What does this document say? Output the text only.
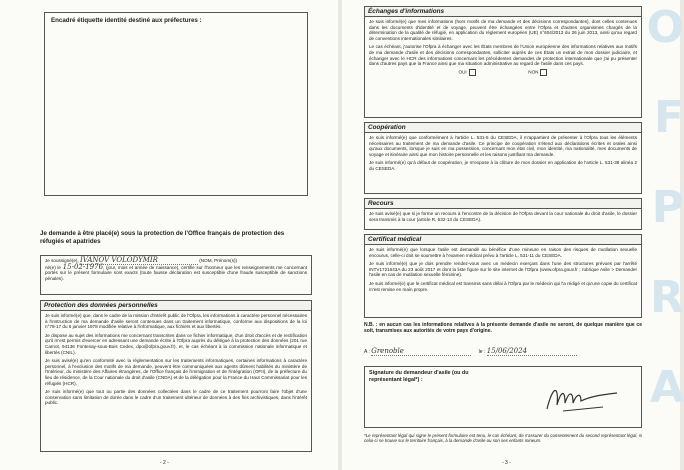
Encadré étiquette identité destiné aux préfectures :
Je demande à être placé(e) sous la protection de l'Office français de protection des réfugiés et apatrides
Je soussigné(e), IVANOV VOLODYMIR	(NOM, Prénom(s))
né(e) le 15-02-1976, (jour, mois et année de naissance), certifie sur l'honneur que les renseignements me concernant portés sur le présent formulaire sont exacts (toute fausse déclaration est susceptible d'une fraude susceptible de sanctions pénales).
Protection des données personnelles

Je suis informé(e) que, dans le cadre de la mission d'intérêt public de l'Ofpra, les informations à caractère personnel nécessaires à l'instruction de ma demande d'asile seront contenues dans un traitement informatique, conforme aux dispositions de la loi n°78-17 du 6 janvier 1978 modifiée relative à l'informatique, aux fichiers et aux libertés.

Je dispose au sujet des informations me concernant transcrites dans ce fichier informatique, d'un droit d'accès et de rectification qu'il m'est permis d'exercer en adressant une demande écrite à l'Ofpra auprès du délégué à la protection des données (201 rue Carnot, 94136 Fontenay-sous-Bois Cedex, dpo@ofpra.gouv.fr), et, le cas échéant à la commission nationale informatique et libertés (CNIL).

Je suis avisé(e) qu'en conformité avec la réglementation sur les traitements informatiques, certaines informations à caractère personnel, à l'exclusion des motifs de ma demande, peuvent être communiquées aux agents dûment habilités du ministère de l'Intérieur, du ministère des Affaires étrangères, de l'Office français de l'immigration et de l'intégration (OFII), de la préfecture du lieu de résidence, de la Cour nationale du droit d'asile (CNDA) et de la délégation pour la France du Haut Commissariat pour les réfugiés (HCR).

Je suis informé(e) que tout ou partie des données collectées dans le cadre de ce traitement pourront faire l'objet d'une conservation sans limitation de durée dans le cadre d'un traitement ultérieur de données à des fins archivistiques, dans l'intérêt public.

- 2 -
O
F
P
R
A
Échanges d'informations

Je suis informé(e) que mes informations (hors motifs de ma demande et des décisions correspondantes), dont celles contenues dans les documents d'identité et de voyage, peuvent être échangées entre l'Ofpra et d'autres organismes chargés de la détermination de la qualité de réfugié, en application du règlement européen (UE) n°604/2013 du 26 juin 2013, ainsi qu'au regard de conventions internationales similaires.

Le cas échéant, j'autorise l'Ofpra à échanger avec les États membres de l'Union européenne des informations relatives aux motifs de ma demande d'asile et des décisions correspondantes, solliciter auprès de ces États un extrait de mon dossier judiciaire, et échanger avec le HCR des informations concernant les précédentes demandes de protection internationale que j'ai pu présenter dans d'autres pays que la France ainsi que ma situation administrative au regard de l'asile dans ces pays.

OUI	NON
Coopération

Je suis informé(e) que conformément à l'article L. 531-5 du CESEDA, il m'appartient de présenter à l'Ofpra tous les éléments nécessaires au traitement de ma demande d'asile. Ce principe de coopération s'étend aux déclarations écrites et orales ainsi qu'aux documents, lorsque je suis en ma possession, concernant mon état civil, mon identité, ma nationalité, mes documents de voyage et itinéraire ainsi que mon histoire personnelle et les raisons justifiant ma demande.

Je suis informé(e) qu'à défaut de coopération, je m'expose à la clôture de mon dossier en application de l'article L. 531-38 alinéa 2 du CESEDA.

Recours

Je suis avisé(e) que si je forme un recours à l'encontre de la décision de l'Ofpra devant la cour nationale du droit d'asile, le dossier sera transmis à la cour (article R. 532-13 du CESEDA).

Certificat médical

Je suis informé(e) que lorsque l'asile est demandé au bénéfice d'une mineure en raison des risques de mutilation sexuelle encourus, celle-ci doit se soumettre à l'examen médical prévu à l'article L. 531-11 du CESEDA.

Je suis informé(e) que je dois prendre rendez-vous avec un médecin exerçant dans l'une des structures prévues par l'arrêté INTV1721643A du 23 août 2017 et dont la liste figure sur le site internet de l'Ofpra (www.ofpra.gouv.fr ; rubrique Asile > Demander l'asile en cas de mutilation sexuelle féminine).

Je suis informé(e) que le certificat médical est transmis sans délai à l'Ofpra par le médecin qui l'a rédigé et qu'une copie du certificat m'est remise en main propre.

N.B. : en aucun cas les informations relatives à la présente demande d'asile ne seront, de quelque manière que ce soit, transmises aux autorités de votre pays d'origine.
A : Grenoble	le : 15/06/2024
Signature du demandeur d'asile (ou du représentant légal*) :
*Le représentant légal qui signe le présent formulaire est tenu, le cas échéant, de s'assurer du consentement du second représentant légal, si celui-ci se trouve sur le territoire français, à la demande d'asile ou son ses enfants mineurs.
- 3 -
